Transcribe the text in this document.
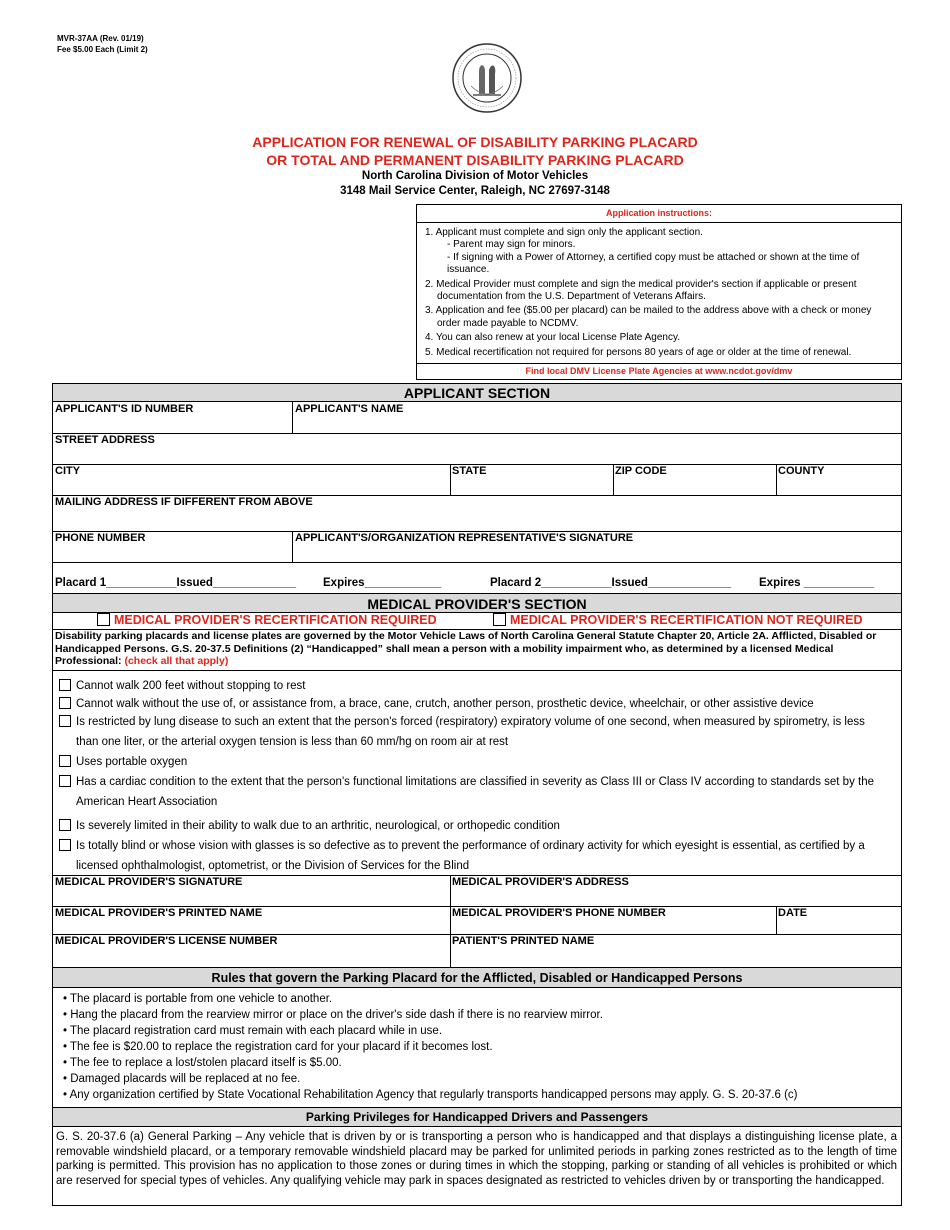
MVR-37AA (Rev. 01/19)
Fee $5.00 Each (Limit 2)
APPLICATION FOR RENEWAL OF DISABILITY PARKING PLACARD
OR TOTAL AND PERMANENT DISABILITY PARKING PLACARD
North Carolina Division of Motor Vehicles
3148 Mail Service Center, Raleigh, NC 27697-3148
Application instructions:
1. Applicant must complete and sign only the applicant section.
- Parent may sign for minors.
- If signing with a Power of Attorney, a certified copy must be attached or shown at the time of issuance.
2. Medical Provider must complete and sign the medical provider's section if applicable or present documentation from the U.S. Department of Veterans Affairs.
3. Application and fee ($5.00 per placard) can be mailed to the address above with a check or money order made payable to NCDMV.
4. You can also renew at your local License Plate Agency.
5. Medical recertification not required for persons 80 years of age or older at the time of renewal.
Find local DMV License Plate Agencies at www.ncdot.gov/dmv
APPLICANT SECTION
APPLICANT'S ID NUMBER	APPLICANT'S NAME
STREET ADDRESS
CITY	STATE	ZIP CODE	COUNTY
MAILING ADDRESS IF DIFFERENT FROM ABOVE
PHONE NUMBER	APPLICANT'S/ORGANIZATION REPRESENTATIVE'S SIGNATURE
Placard 1___________Issued_____________ Expires____________	Placard 2___________Issued_____________ Expires ___________
MEDICAL PROVIDER'S SECTION
MEDICAL PROVIDER'S RECERTIFICATION REQUIRED	MEDICAL PROVIDER'S RECERTIFICATION NOT REQUIRED
Disability parking placards and license plates are governed by the Motor Vehicle Laws of North Carolina General Statute Chapter 20, Article 2A. Afflicted, Disabled or Handicapped Persons. G.S. 20-37.5 Definitions (2) “Handicapped” shall mean a person with a mobility impairment who, as determined by a licensed Medical Professional: (check all that apply)
Cannot walk 200 feet without stopping to rest
Cannot walk without the use of, or assistance from, a brace, cane, crutch, another person, prosthetic device, wheelchair, or other assistive device
Is restricted by lung disease to such an extent that the person's forced (respiratory) expiratory volume of one second, when measured by spirometry, is less than one liter, or the arterial oxygen tension is less than 60 mm/hg on room air at rest
Uses portable oxygen
Has a cardiac condition to the extent that the person's functional limitations are classified in severity as Class III or Class IV according to standards set by the American Heart Association
Is severely limited in their ability to walk due to an arthritic, neurological, or orthopedic condition
Is totally blind or whose vision with glasses is so defective as to prevent the performance of ordinary activity for which eyesight is essential, as certified by a licensed ophthalmologist, optometrist, or the Division of Services for the Blind
MEDICAL PROVIDER'S SIGNATURE	MEDICAL PROVIDER'S ADDRESS
MEDICAL PROVIDER'S PRINTED NAME	MEDICAL PROVIDER'S PHONE NUMBER	DATE
MEDICAL PROVIDER'S LICENSE NUMBER	PATIENT'S PRINTED NAME
Rules that govern the Parking Placard for the Afflicted, Disabled or Handicapped Persons
• The placard is portable from one vehicle to another.
• Hang the placard from the rearview mirror or place on the driver's side dash if there is no rearview mirror.
• The placard registration card must remain with each placard while in use.
• The fee is $20.00 to replace the registration card for your placard if it becomes lost.
• The fee to replace a lost/stolen placard itself is $5.00.
• Damaged placards will be replaced at no fee.
• Any organization certified by State Vocational Rehabilitation Agency that regularly transports handicapped persons may apply. G. S. 20-37.6 (c)
Parking Privileges for Handicapped Drivers and Passengers
G. S. 20-37.6 (a) General Parking – Any vehicle that is driven by or is transporting a person who is handicapped and that displays a distinguishing license plate, a removable windshield placard, or a temporary removable windshield placard may be parked for unlimited periods in parking zones restricted as to the length of time parking is permitted. This provision has no application to those zones or during times in which the stopping, parking or standing of all vehicles is prohibited or which are reserved for special types of vehicles. Any qualifying vehicle may park in spaces designated as restricted to vehicles driven by or transporting the handicapped.
